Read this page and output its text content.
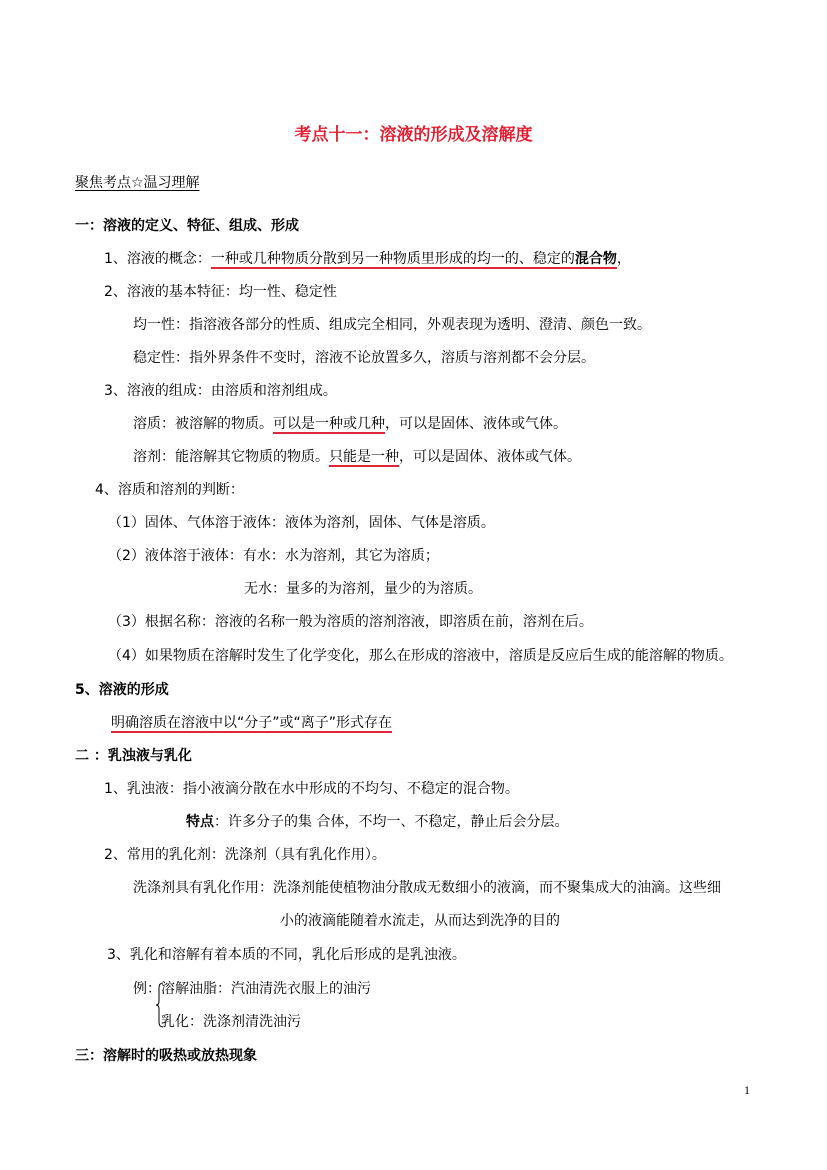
考点十一：溶液的形成及溶解度
聚焦考点☆温习理解
一：溶液的定义、特征、组成、形成
1、溶液的概念：一种或几种物质分散到另一种物质里形成的均一的、稳定的混合物，
2、溶液的基本特征：均一性、稳定性
均一性：指溶液各部分的性质、组成完全相同，外观表现为透明、澄清、颜色一致。
稳定性：指外界条件不变时，溶液不论放置多久，溶质与溶剂都不会分层。
3、溶液的组成：由溶质和溶剂组成。
溶质：被溶解的物质。可以是一种或几种，可以是固体、液体或气体。
溶剂：能溶解其它物质的物质。只能是一种，可以是固体、液体或气体。
4、溶质和溶剂的判断：
（1）固体、气体溶于液体：液体为溶剂，固体、气体是溶质。
（2）液体溶于液体：有水：水为溶剂，其它为溶质；
无水：量多的为溶剂，量少的为溶质。
（3）根据名称：溶液的名称一般为溶质的溶剂溶液，即溶质在前，溶剂在后。
（4）如果物质在溶解时发生了化学变化，那么在形成的溶液中，溶质是反应后生成的能溶解的物质。
5、溶液的形成
明确溶质在溶液中以“分子”或“离子”形式存在
二 ：乳浊液与乳化
1、乳浊液：指小液滴分散在水中形成的不均匀、不稳定的混合物。
特点：许多分子的集 合体，不均一、不稳定，静止后会分层。
2、常用的乳化剂：洗涤剂（具有乳化作用）。
洗涤剂具有乳化作用：洗涤剂能使植物油分散成无数细小的液滴，而不聚集成大的油滴。这些细
小的液滴能随着水流走，从而达到洗净的目的
3、乳化和溶解有着本质的不同，乳化后形成的是乳浊液。
例： 溶解油脂：汽油清洗衣服上的油污
乳化：洗涤剂清洗油污
三：溶解时的吸热或放热现象
1
